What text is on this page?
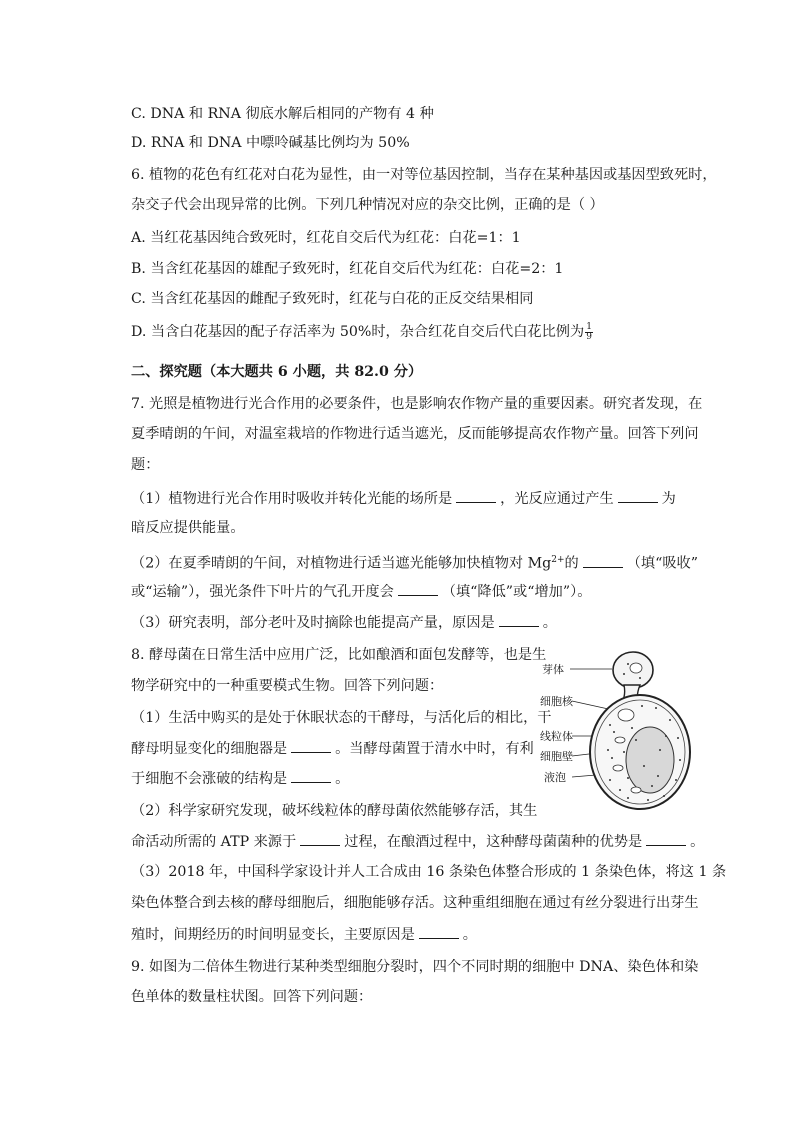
C. DNA 和 RNA 彻底水解后相同的产物有 4 种
D. RNA 和 DNA 中嘌呤碱基比例均为 50%
6. 植物的花色有红花对白花为显性，由一对等位基因控制，当存在某种基因或基因型致死时，
杂交子代会出现异常的比例。下列几种情况对应的杂交比例，正确的是（ ）
A. 当红花基因纯合致死时，红花自交后代为红花：白花=1：1
B. 当含红花基因的雄配子致死时，红花自交后代为红花：白花=2：1
C. 当含红花基因的雌配子致死时，红花与白花的正反交结果相同
D. 当含白花基因的配子存活率为 50%时，杂合红花自交后代白花比例为 $\frac{1}{9}$
二、探究题（本大题共 6 小题，共 82.0 分）
7. 光照是植物进行光合作用的必要条件，也是影响农作物产量的重要因素。研究者发现，在
夏季晴朗的午间，对温室栽培的作物进行适当遮光，反而能够提高农作物产量。回答下列问
题：
（1）植物进行光合作用时吸收并转化光能的场所是	，光反应通过产生	为
暗反应提供能量。
（2）在夏季晴朗的午间，对植物进行适当遮光能够加快植物对 $Mg^{2+}$的	（填“吸收”
或“运输”），强光条件下叶片的气孔开度会	（填“降低”或“增加”）。
（3）研究表明，部分老叶及时摘除也能提高产量，原因是	。
8. 酵母菌在日常生活中应用广泛，比如酿酒和面包发酵等，也是生
物学研究中的一种重要模式生物。回答下列问题：
（1）生活中购买的是处于休眠状态的干酵母，与活化后的相比，干
酵母明显变化的细胞器是	。当酵母菌置于清水中时，有利
于细胞不会涨破的结构是	。
（2）科学家研究发现，破坏线粒体的酵母菌依然能够存活，其生
命活动所需的 ATP 来源于	过程，在酿酒过程中，这种酵母菌菌种的优势是	。
（3）2018 年，中国科学家设计并人工合成由 16 条染色体整合形成的 1 条染色体，将这 1 条
染色体整合到去核的酵母细胞后，细胞能够存活。这种重组细胞在通过有丝分裂进行出芽生
殖时，间期经历的时间明显变长，主要原因是	。
9. 如图为二倍体生物进行某种类型细胞分裂时，四个不同时期的细胞中 DNA、染色体和染
色单体的数量柱状图。回答下列问题：
芽体
细胞核
线粒体
细胞壁
液泡
